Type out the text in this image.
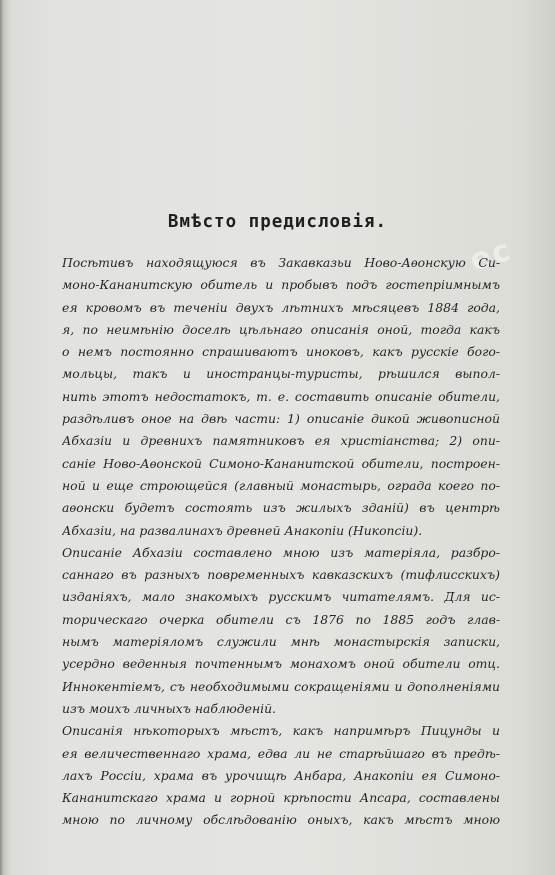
ec
Вмѣсто предисловія.
Посѣтивъ находящуюся въ Закавказьи Ново-Аѳонскую Си-
моно-Кананитскую обитель и пробывъ подъ гостепріимнымъ
ея кровомъ въ теченіи двухъ лѣтнихъ мѣсяцевъ 1884 года,
я, по неимѣнію доселѣ цѣльнаго описанія оной, тогда какъ
о немъ постоянно спрашиваютъ иноковъ, какъ русскіе бого-
мольцы, такъ и иностранцы-туристы, рѣшился выпол-
нить этотъ недостатокъ, т. е. составить описаніе обители,
раздѣливъ оное на двѣ части: 1) описаніе дикой живописной
Абхазіи и древнихъ памятниковъ ея христіанства; 2) опи-
саніе Ново-Аѳонской Симоно-Кананитской обители, построен-
ной и еще строющейся (главный монастырь, ограда коего по-
аѳонски будетъ состоять изъ жилыхъ зданій) въ центрѣ
Абхазіи, на развалинахъ древней Анакопіи (Никопсіи).
Описаніе Абхазіи составлено мною изъ матеріяла, разбро-
саннаго въ разныхъ повременныхъ кавказскихъ (тифлисскихъ)
изданіяхъ, мало знакомыхъ русскимъ читателямъ. Для ис-
торическаго очерка обители съ 1876 по 1885 годъ глав-
нымъ матеріяломъ служили мнѣ монастырскія записки,
усердно веденныя почтеннымъ монахомъ оной обители отц.
Иннокентіемъ, съ необходимыми сокращеніями и дополненіями
изъ моихъ личныхъ наблюденій.
Описанія нѣкоторыхъ мѣстъ, какъ напримѣръ Пицунды и
ея величественнаго храма, едва ли не старѣйшаго въ предѣ-
лахъ Россіи, храма въ урочищѣ Анбара, Анакопіи ея Симоно-
Кананитскаго храма и горной крѣпости Апсара, составлены
мною по личному обслѣдованію оныхъ, какъ мѣстъ мною
